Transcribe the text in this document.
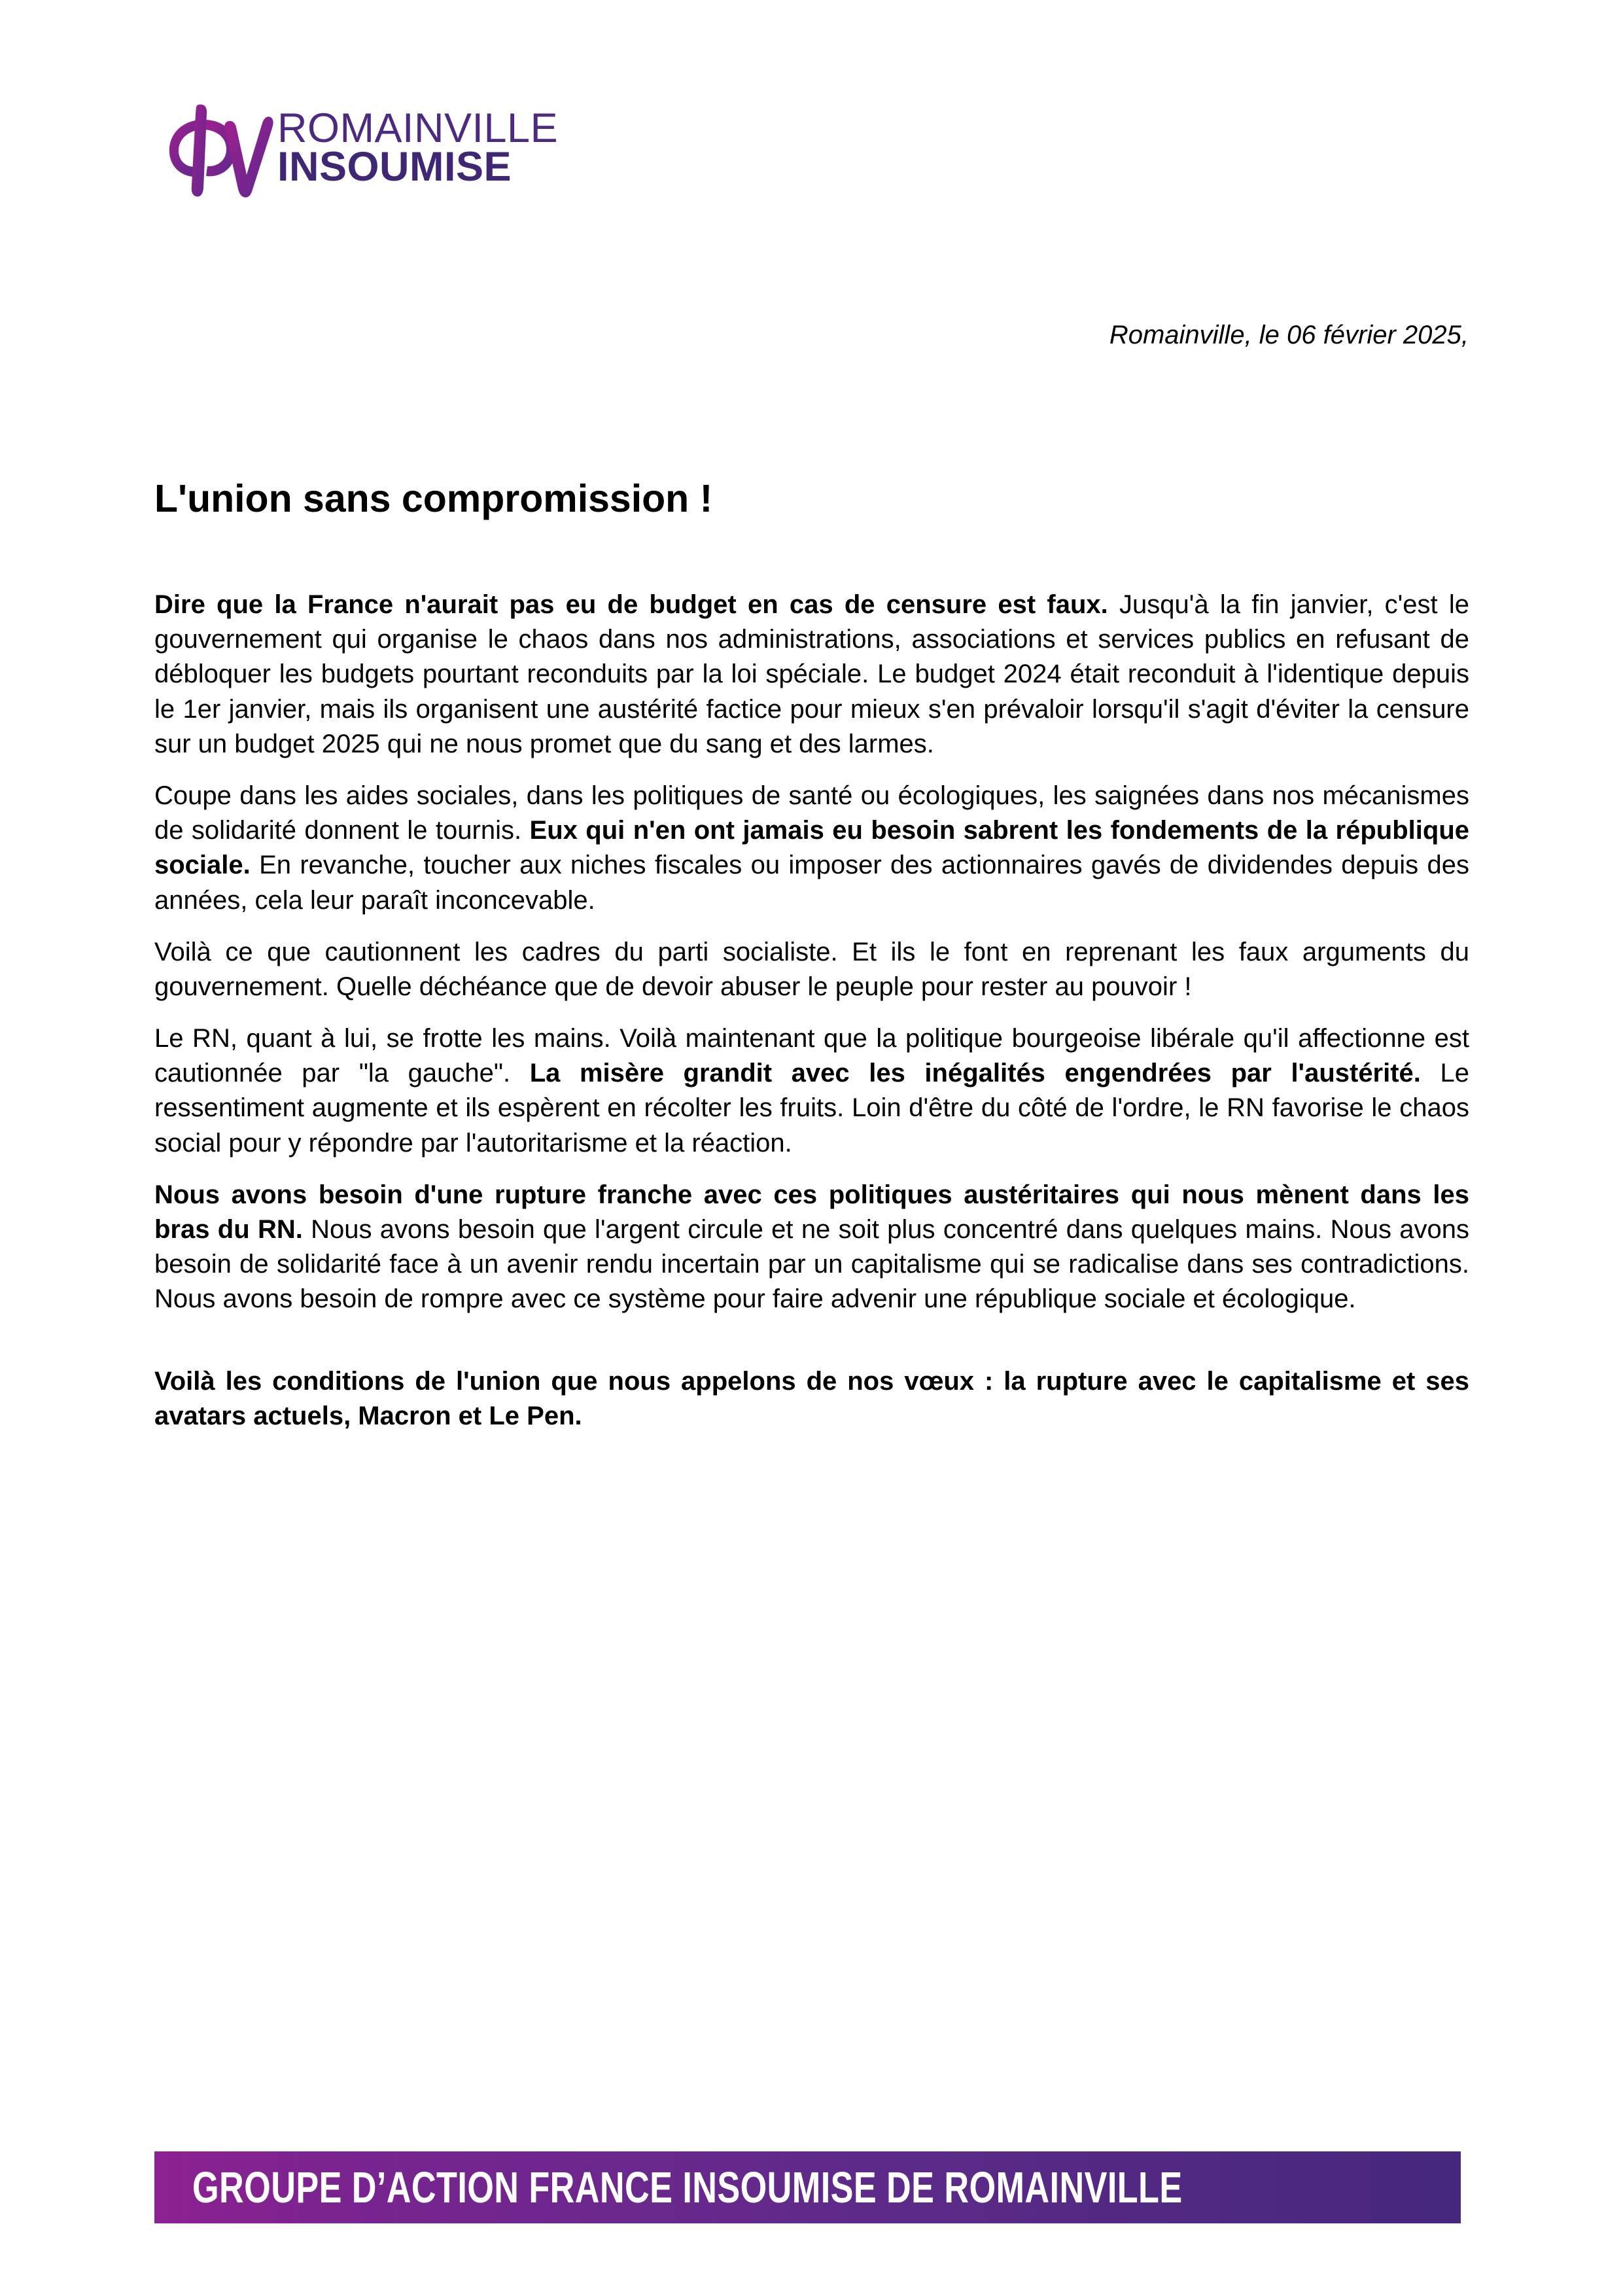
ROMAINVILLE
INSOUMISE
Romainville, le 06 février 2025,
L'union sans compromission !

Dire que la France n'aurait pas eu de budget en cas de censure est faux. Jusqu'à la fin janvier, c'est le gouvernement qui organise le chaos dans nos administrations, associations et services publics en refusant de débloquer les budgets pourtant reconduits par la loi spéciale. Le budget 2024 était reconduit à l'identique depuis le 1er janvier, mais ils organisent une austérité factice pour mieux s'en prévaloir lorsqu'il s'agit d'éviter la censure sur un budget 2025 qui ne nous promet que du sang et des larmes.

Coupe dans les aides sociales, dans les politiques de santé ou écologiques, les saignées dans nos mécanismes de solidarité donnent le tournis. Eux qui n'en ont jamais eu besoin sabrent les fondements de la république sociale. En revanche, toucher aux niches fiscales ou imposer des actionnaires gavés de dividendes depuis des années, cela leur paraît inconcevable.

Voilà ce que cautionnent les cadres du parti socialiste. Et ils le font en reprenant les faux arguments du gouvernement. Quelle déchéance que de devoir abuser le peuple pour rester au pouvoir !

Le RN, quant à lui, se frotte les mains. Voilà maintenant que la politique bourgeoise libérale qu'il affectionne est cautionnée par "la gauche". La misère grandit avec les inégalités engendrées par l'austérité. Le ressentiment augmente et ils espèrent en récolter les fruits. Loin d'être du côté de l'ordre, le RN favorise le chaos social pour y répondre par l'autoritarisme et la réaction.

Nous avons besoin d'une rupture franche avec ces politiques austéritaires qui nous mènent dans les bras du RN. Nous avons besoin que l'argent circule et ne soit plus concentré dans quelques mains. Nous avons besoin de solidarité face à un avenir rendu incertain par un capitalisme qui se radicalise dans ses contradictions. Nous avons besoin de rompre avec ce système pour faire advenir une république sociale et écologique.

Voilà les conditions de l'union que nous appelons de nos vœux : la rupture avec le capitalisme et ses avatars actuels, Macron et Le Pen.

GROUPE D’ACTION FRANCE INSOUMISE DE ROMAINVILLE
